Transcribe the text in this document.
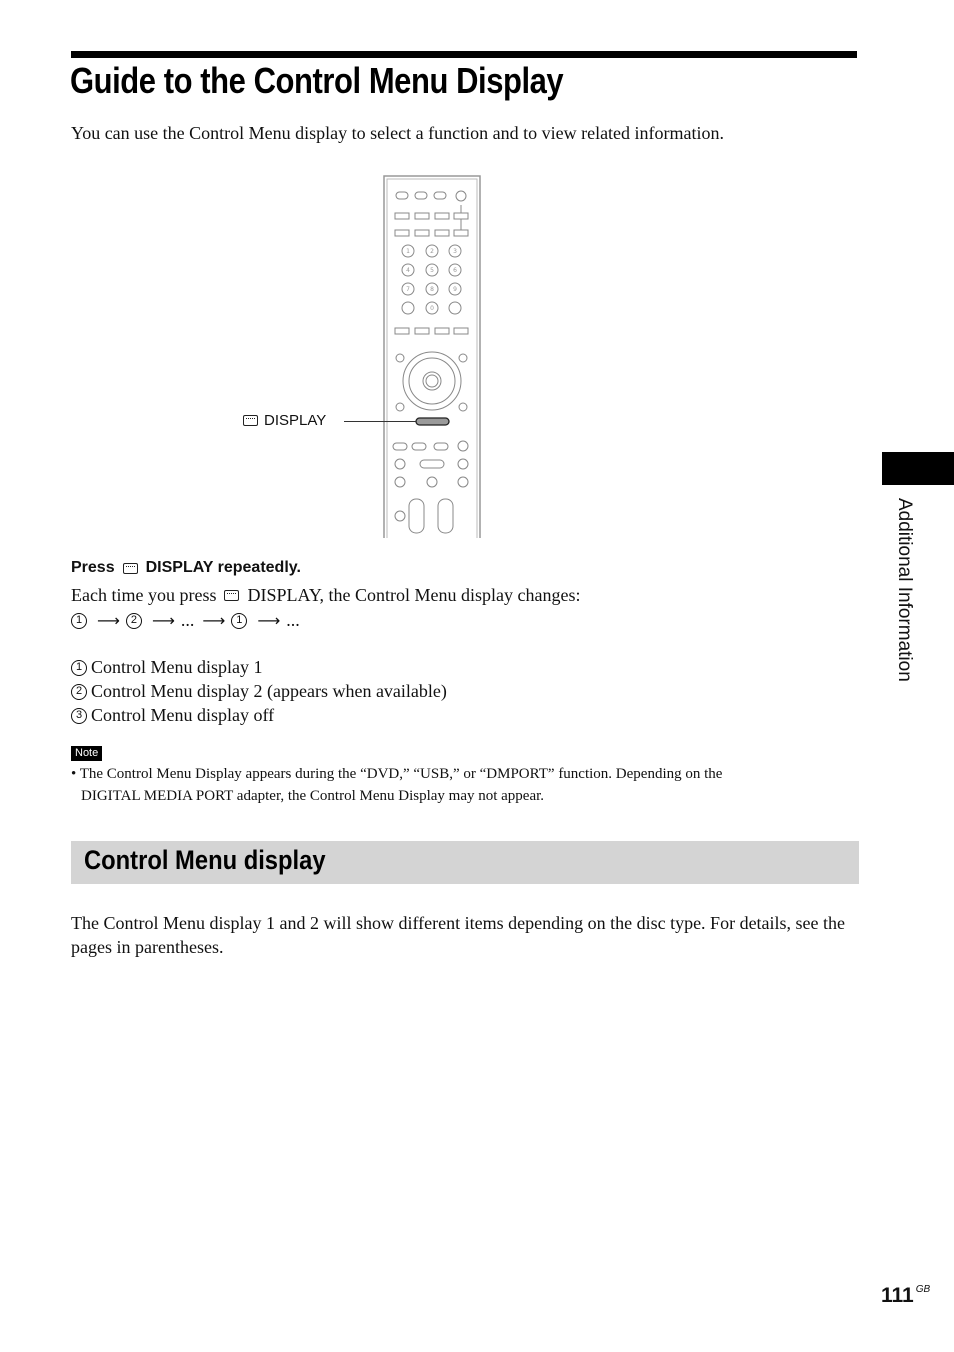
Guide to the Control Menu Display
You can use the Control Menu display to select a function and to view related information.
1	2	3
4	5	6
7	8	9
0
DISPLAY
Press DISPLAY repeatedly.
Each time you press DISPLAY, the Control Menu display changes:
1 ⟶ 2 ⟶ ... ⟶ 1 ⟶ ...
1 Control Menu display 1
2 Control Menu display 2 (appears when available)
3 Control Menu display off
Note
• The Control Menu Display appears during the “DVD,” “USB,” or “DMPORT” function. Depending on the
DIGITAL MEDIA PORT adapter, the Control Menu Display may not appear.
Control Menu display
The Control Menu display 1 and 2 will show different items depending on the disc type. For details, see the pages in parentheses.
Additional Information
111 $^{GB}$
